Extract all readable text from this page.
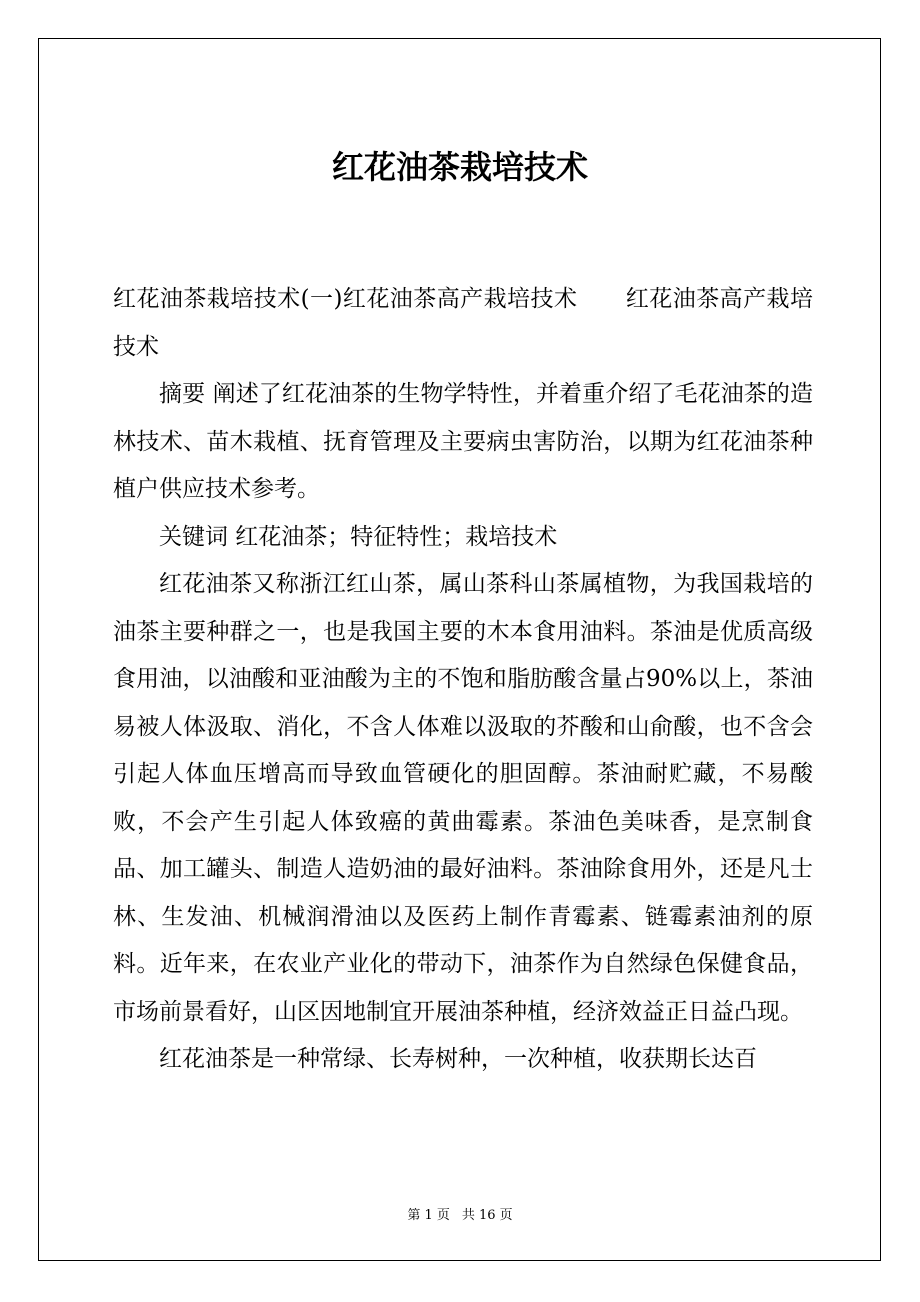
红花油茶栽培技术

红花油茶栽培技术(一)红花油茶高产栽培技术 红花油茶高产栽培技术

摘要 阐述了红花油茶的生物学特性，并着重介绍了毛花油茶的造林技术、苗木栽植、抚育管理及主要病虫害防治，以期为红花油茶种植户供应技术参考。

关键词 红花油茶；特征特性；栽培技术

红花油茶又称浙江红山茶，属山茶科山茶属植物，为我国栽培的油茶主要种群之一，也是我国主要的木本食用油料。茶油是优质高级食用油，以油酸和亚油酸为主的不饱和脂肪酸含量占90%以上，茶油易被人体汲取、消化，不含人体难以汲取的芥酸和山俞酸，也不含会引起人体血压增高而导致血管硬化的胆固醇。茶油耐贮藏，不易酸败，不会产生引起人体致癌的黄曲霉素。茶油色美味香，是烹制食品、加工罐头、制造人造奶油的最好油料。茶油除食用外，还是凡士林、生发油、机械润滑油以及医药上制作青霉素、链霉素油剂的原料。近年来，在农业产业化的带动下，油茶作为自然绿色保健食品，市场前景看好，山区因地制宜开展油茶种植，经济效益正日益凸现。

红花油茶是一种常绿、长寿树种，一次种植，收获期长达百

第 1 页 共 16 页
